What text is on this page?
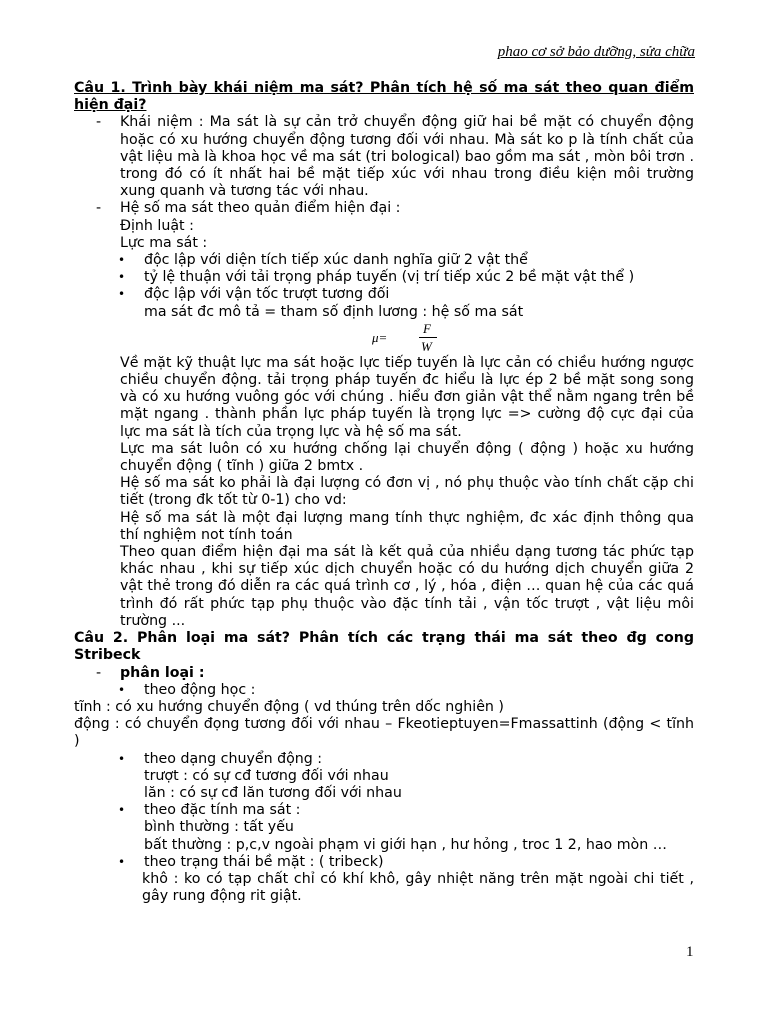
phao cơ sở bảo dưỡng, sửa chữa

Câu 1. Trình bày khái niệm ma sát? Phân tích hệ số ma sát theo quan điểm hiện đại?

- Khái niệm : Ma sát là sự cản trở chuyển động giữ hai bề mặt có chuyển động hoặc có xu hướng chuyển động tương đối với nhau. Mà sát ko p là tính chất của vật liệu mà là khoa học về ma sát (tri bological) bao gồm ma sát , mòn bôi trơn . trong đó có ít nhất hai bề mặt tiếp xúc với nhau trong điều kiện môi trường xung quanh và tương tác với nhau.
- Hệ số ma sát theo quản điểm hiện đại :

Định luật :

Lực ma sát :

•	độc lập với diện tích tiếp xúc danh nghĩa giữ 2 vật thể
•	tỷ lệ thuận với tải trọng pháp tuyến (vị trí tiếp xúc 2 bề mặt vật thể )
•	độc lập với vận tốc trượt tương đối

ma sát đc mô tả = tham số định lương : hệ số ma sát

μ=
F
W

Về mặt kỹ thuật lực ma sát hoặc lực tiếp tuyến là lực cản có chiều hướng ngược chiều chuyển động. tải trọng pháp tuyến đc hiểu là lực ép 2 bề mặt song song và có xu hướng vuông góc với chúng . hiểu đơn giản vật thể nằm ngang trên bề mặt ngang . thành phần lực pháp tuyến là trọng lực => cường độ cực đại của lực ma sát là tích của trọng lực và hệ số ma sát.

Lực ma sát luôn có xu hướng chống lại chuyển động ( động ) hoặc xu hướng chuyển động ( tĩnh ) giữa 2 bmtx .

Hệ số ma sát ko phải là đại lượng có đơn vị , nó phụ thuộc vào tính chất cặp chi tiết (trong đk tốt từ 0-1) cho vd:

Hệ số ma sát là một đại lượng mang tính thực nghiệm, đc xác định thông qua thí nghiệm not tính toán

Theo quan điểm hiện đại ma sát là kết quả của nhiều dạng tương tác phức tạp khác nhau , khi sự tiếp xúc dịch chuyển hoặc có du hướng dịch chuyển giữa 2 vật thẻ trong đó diễn ra các quá trình cơ , lý , hóa , điện … quan hệ của các quá trình đó rất phức tạp phụ thuộc vào đặc tính tải , vận tốc trượt , vật liệu môi trường ...

Câu 2. Phân loại ma sát? Phân tích các trạng thái ma sát theo đg cong Stribeck

- phân loại :
•	theo động học :

tĩnh : có xu hướng chuyển động ( vd thúng trên dốc nghiên )

động : có chuyển đọng tương đối với nhau – Fkeotieptuyen=Fmassattinh (động < tĩnh )

•	theo dạng chuyển động :

trượt : có sự cđ tương đối với nhau

lăn : có sự cđ lăn tương đối với nhau

•	theo đặc tính ma sát :

bình thường : tất yếu

bất thường : p,c,v ngoài phạm vi giới hạn , hư hỏng , troc 1 2, hao mòn …

•	theo trạng thái bề mặt : ( tribeck)

khô : ko có tạp chất chỉ có khí khô, gây nhiệt năng trên mặt ngoài chi tiết , gây rung động rit giật.

1
